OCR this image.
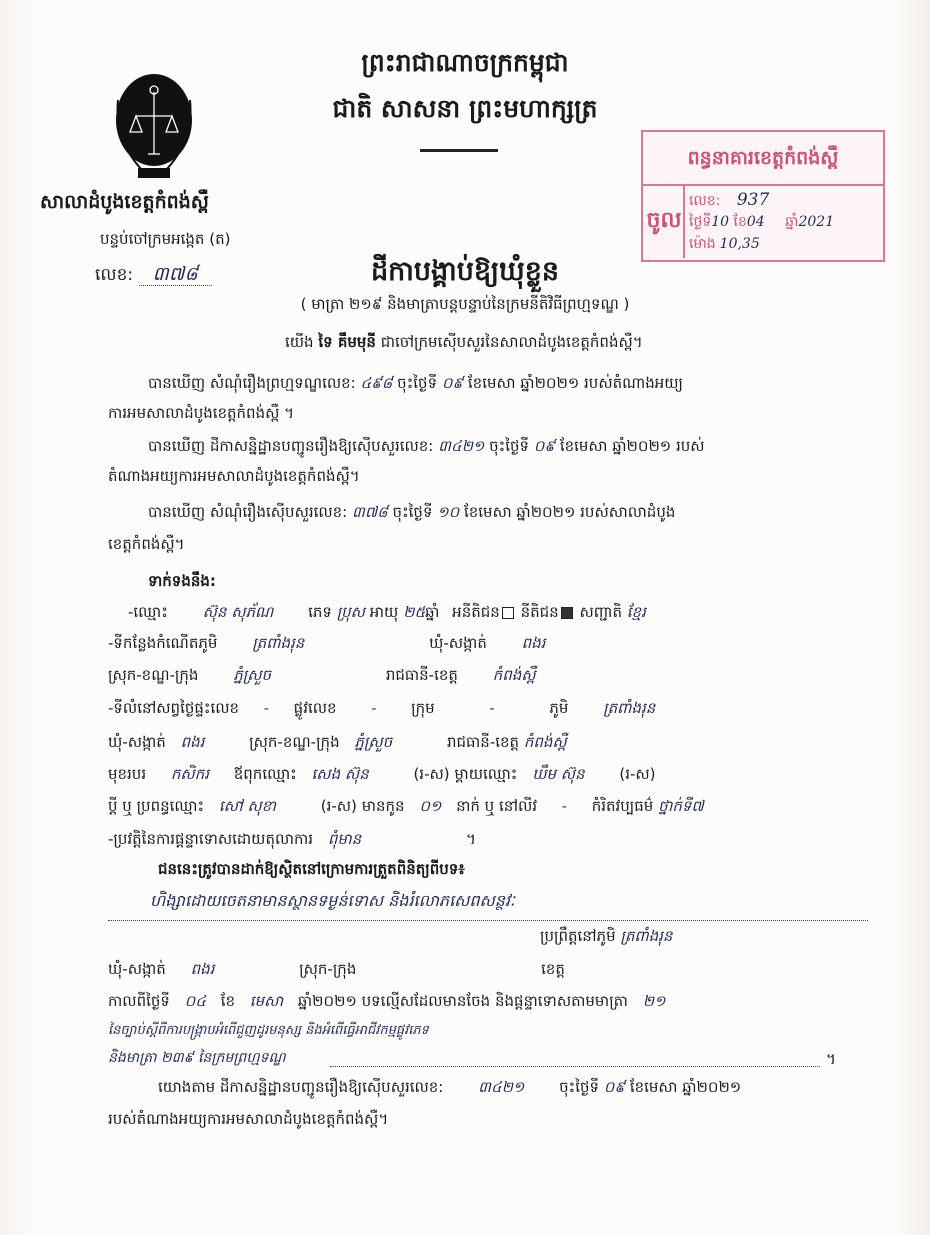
ព្រះរាជាណាចក្រកម្ពុជា
ជាតិ សាសនា ព្រះមហាក្សត្រ
សាលាដំបូងខេត្តកំពង់ស្ពឺ
បន្ទប់ចៅក្រមអង្កេត (ត)
លេខ: ៣៧៨
ពន្ធនាគារខេត្តកំពង់ស្ពឺ
ចូល
លេខ: 937
ថ្ងៃទី10 ខែ04 ឆ្នាំ2021
ម៉ោង 10,35
ដីកាបង្គាប់ឱ្យឃុំខ្លួន
( មាត្រា ២១៩ និងមាត្រាបន្តបន្ទាប់នៃក្រមនីតិវិធីព្រហ្មទណ្ឌ )
យើង ទៃ គឹមមុនី ជាចៅក្រមស៊ើបសួរនៃសាលាដំបូងខេត្តកំពង់ស្ពឺ។
បានឃើញ សំណុំរឿងព្រហ្មទណ្ឌលេខ: ៤៩៨ ចុះថ្ងៃទី ០៩ ខែមេសា ឆ្នាំ២០២១ របស់តំណាងអយ្យ
ការអមសាលាដំបូងខេត្តកំពង់ស្ពឺ ។
បានឃើញ ដីកាសន្និដ្ឋានបញ្ជូនរឿងឱ្យស៊ើបសួរលេខ: ៣៤២១ ចុះថ្ងៃទី ០៩ ខែមេសា ឆ្នាំ២០២១ របស់
តំណាងអយ្យការអមសាលាដំបូងខេត្តកំពង់ស្ពឺ។
បានឃើញ សំណុំរឿងស៊ើបសួរលេខ: ៣៧៨ ចុះថ្ងៃទី ១០ ខែមេសា ឆ្នាំ២០២១ របស់សាលាដំបូង
ខេត្តកំពង់ស្ពឺ។
ទាក់ទងនឹង:
-ឈ្មោះ ស៊ុន សុភ័ណ ភេទ ប្រុស អាយុ ២៥ឆ្នាំ អនីតិជន នីតិជន សញ្ជាតិ ខ្មែរ
-ទីកន្លែងកំណើតភូមិ ត្រពាំងរុន	ឃុំ-សង្កាត់ ពងរ
ស្រុក-ខណ្ឌ-ក្រុង ភ្នំស្រួច	រាជធានី-ខេត្ត កំពង់ស្ពឺ
-ទីលំនៅសព្វថ្ងៃផ្ទះលេខ - ផ្លូវលេខ - ក្រុម	-	ភូមិ ត្រពាំងរុន
ឃុំ-សង្កាត់ ពងរ	ស្រុក-ខណ្ឌ-ក្រុង ភ្នំស្រួច	រាជធានី-ខេត្ត កំពង់ស្ពឺ
មុខរបរ កសិករ ឪពុកឈ្មោះ សេង ស៊ុន	(រ-ស) ម្ដាយឈ្មោះ ឃឹម ស៊ុន (រ-ស)
ប្ដី ឬ ប្រពន្ធឈ្មោះ សៅ សុខា	(រ-ស) មានកូន ០១ នាក់ ឬ នៅលីវ - កំរិតវប្បធម៌ ថ្នាក់ទី៧
-ប្រវត្តិនៃការផ្តន្ទាទោសដោយតុលាការ ពុំមាន	។
ជននេះត្រូវបានដាក់ឱ្យស្ថិតនៅក្រោមការត្រួតពិនិត្យពីបទ៖
ហិង្សាដោយចេតនាមានស្ថានទម្ងន់ទោស និងរំលោភសេពសន្ថវៈ
ប្រព្រឹត្តនៅភូមិ ត្រពាំងរុន
ឃុំ-សង្កាត់ ពងរ	ស្រុក-ក្រុង	ខេត្ត
កាលពីថ្ងៃទី ០៤ ខែ មេសា ឆ្នាំ២០២១ បទល្មើសដែលមានចែង និងផ្តន្ទាទោសតាមមាត្រា ២១
នៃច្បាប់ស្ដីពីការបង្ក្រាបអំពើជួញដូរមនុស្ស និងអំពើធ្វើអាជីវកម្មផ្លូវភេទ
និងមាត្រា ២៣៩ នៃក្រមព្រហ្មទណ្ឌ	។
យោងតាម ដីកាសន្និដ្ឋានបញ្ជូនរឿងឱ្យស៊ើបសួរលេខ: ៣៤២១ ចុះថ្ងៃទី ០៩ ខែមេសា ឆ្នាំ២០២១
របស់តំណាងអយ្យការអមសាលាដំបូងខេត្តកំពង់ស្ពឺ។
